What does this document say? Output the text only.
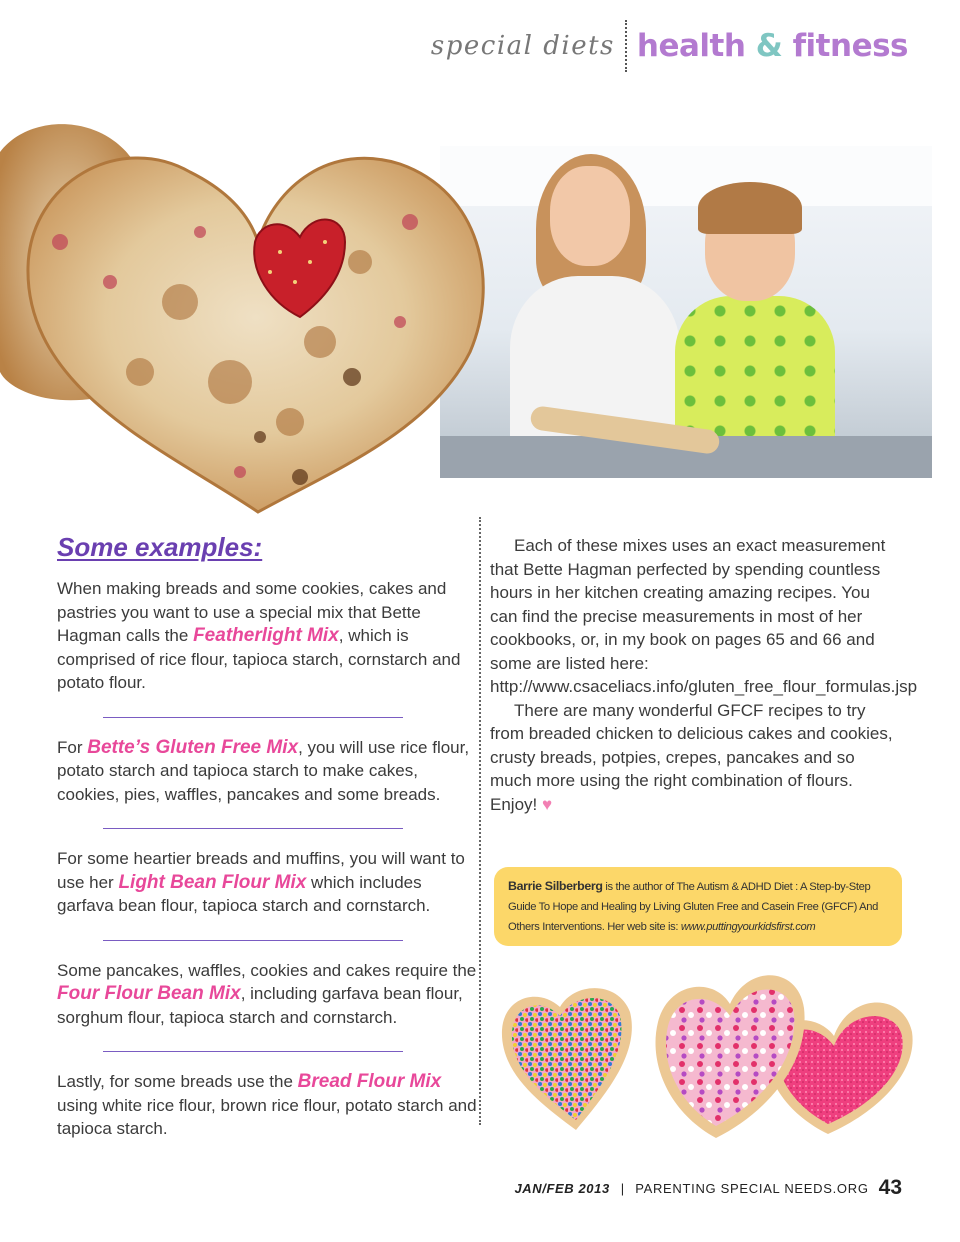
special diets health & fitness
Some examples:

When making breads and some cookies, cakes and pastries you want to use a special mix that Bette Hagman calls the Featherlight Mix, which is comprised of rice flour, tapioca starch, cornstarch and potato flour.

For Bette’s Gluten Free Mix, you will use rice flour, potato starch and tapioca starch to make cakes, cookies, pies, waffles, pancakes and some breads.

For some heartier breads and muffins, you will want to use her Light Bean Flour Mix which includes garfava bean flour, tapioca starch and cornstarch.

Some pancakes, waffles, cookies and cakes require the Four Flour Bean Mix, including garfava bean flour, sorghum flour, tapioca starch and cornstarch.

Lastly, for some breads use the Bread Flour Mix using white rice flour, brown rice flour, potato starch and tapioca starch.

Each of these mixes uses an exact measurement that Bette Hagman perfected by spending countless hours in her kitchen creating amazing recipes. You can find the precise measurements in most of her cookbooks, or, in my book on pages 65 and 66 and some are listed here: http://www.csaceliacs.info/gluten_free_flour_formulas.jsp

There are many wonderful GFCF recipes to try from breaded chicken to delicious cakes and cookies, crusty breads, potpies, crepes, pancakes and so much more using the right combination of flours. Enjoy! ♥

Barrie Silberberg is the author of The Autism & ADHD Diet : A Step-by-Step Guide To Hope and Healing by Living Gluten Free and Casein Free (GFCF) And Others Interventions. Her web site is: www.puttingyourkidsfirst.com
JAN/FEB 2013 | PARENTING SPECIAL NEEDS.ORG 43
